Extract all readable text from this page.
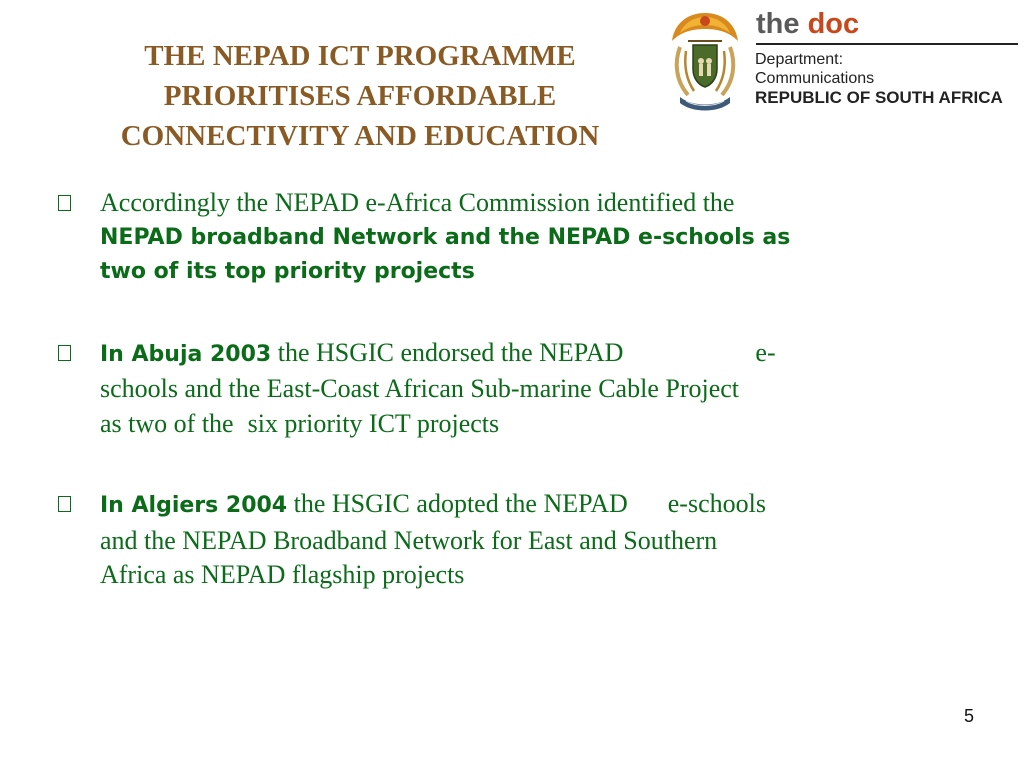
THE NEPAD ICT PROGRAMME
PRIORITISES AFFORDABLE
CONNECTIVITY AND EDUCATION
the doc
Department:
Communications
REPUBLIC OF SOUTH AFRICA
Accordingly the NEPAD e-Africa Commission identified the
NEPAD broadband Network and the NEPAD e-schools as
two of its top priority projects
In Abuja 2003 the HSGIC endorsed the NEPAD	e-
schools and the East-Coast African Sub-marine Cable Project
as two of the six priority ICT projects
In Algiers 2004 the HSGIC adopted the NEPAD e-schools
and the NEPAD Broadband Network for East and Southern
Africa as NEPAD flagship projects
5
